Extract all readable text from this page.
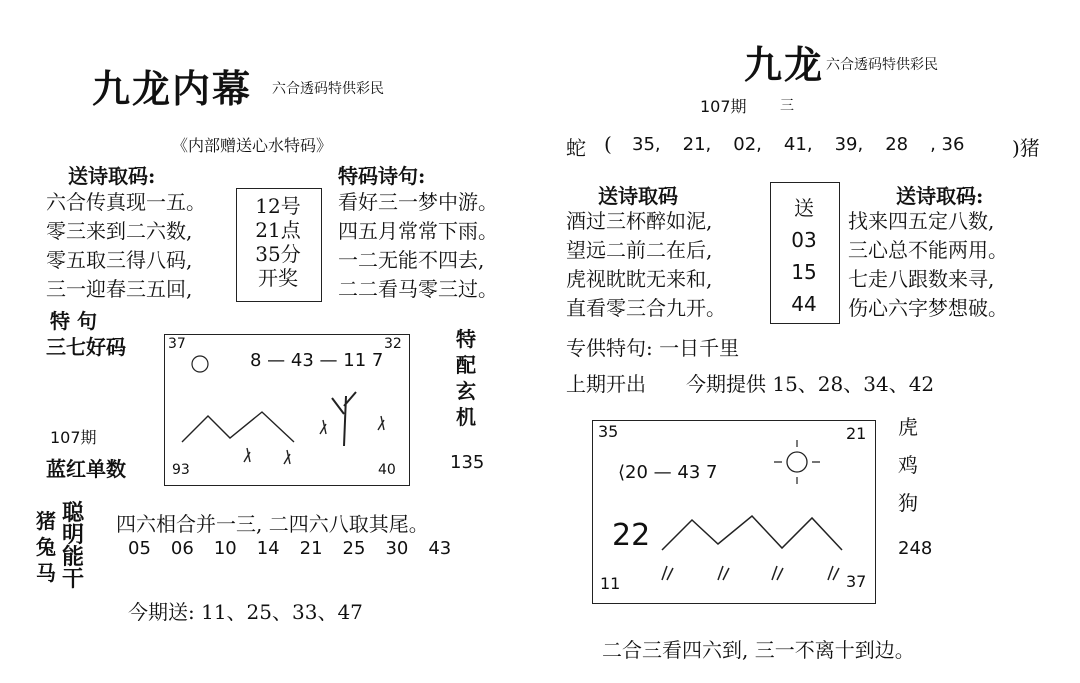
九龙内幕 六合透码特供彩民
《内部赠送心水特码》
送诗取码:
六合传真现一五。
零三来到二六数,
零五取三得八码,
三一迎春三五回,
12号
21点
35分
开奖
特码诗句:
看好三一梦中游。
四五月常常下雨。
一二无能不四去,
二二看马零三过。
特 句
三七好码
107期
蓝红单数
37	32
93	40
8 — 43 — 11 7
特
配
玄
机
135
猪
兔
马
聪
明
能
干
四六相合并一三, 二四六八取其尾。
05 06 10 14 21 25 30 43
今期送: 11、25、33、47
九龙 六合透码特供彩民
107期 三
蛇 ( 35, 21, 02, 41, 39, 28 , 36 )猪
送诗取码	送诗取码:
酒过三杯醉如泥,
望远二前二在后,
虎视眈眈无来和,
直看零三合九开。
送
03
15
44
找来四五定八数,
三心总不能两用。
七走八跟数来寻,
伤心六字梦想破。
专供特句: 一日千里
上期开出 今期提供 15、28、34、42
35	21
11	37
⟨20 — 43 7
22
虎
鸡
狗
248
二合三看四六到, 三一不离十到边。
